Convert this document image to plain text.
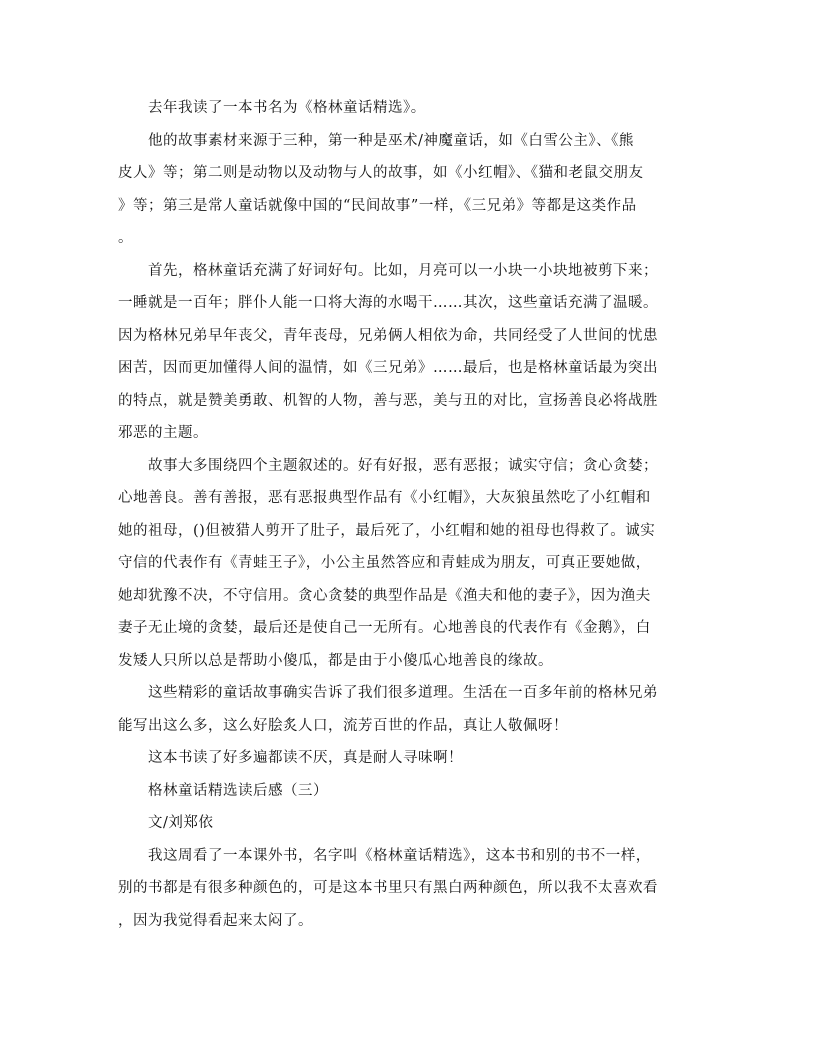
去年我读了一本书名为《格林童话精选》。
他的故事素材来源于三种，第一种是巫术/神魔童话，如《白雪公主》、《熊
皮人》等；第二则是动物以及动物与人的故事，如《小红帽》、《猫和老鼠交朋友
》等；第三是常人童话就像中国的“民间故事”一样，《三兄弟》等都是这类作品
。
首先，格林童话充满了好词好句。比如，月亮可以一小块一小块地被剪下来；
一睡就是一百年；胖仆人能一口将大海的水喝干……其次，这些童话充满了温暖。
因为格林兄弟早年丧父，青年丧母，兄弟俩人相依为命，共同经受了人世间的忧患
困苦，因而更加懂得人间的温情，如《三兄弟》……最后，也是格林童话最为突出
的特点，就是赞美勇敢、机智的人物，善与恶，美与丑的对比，宣扬善良必将战胜
邪恶的主题。
故事大多围绕四个主题叙述的。好有好报，恶有恶报；诚实守信；贪心贪婪；
心地善良。善有善报，恶有恶报典型作品有《小红帽》，大灰狼虽然吃了小红帽和
她的祖母，()但被猎人剪开了肚子，最后死了，小红帽和她的祖母也得救了。诚实
守信的代表作有《青蛙王子》，小公主虽然答应和青蛙成为朋友，可真正要她做，
她却犹豫不决，不守信用。贪心贪婪的典型作品是《渔夫和他的妻子》，因为渔夫
妻子无止境的贪婪，最后还是使自己一无所有。心地善良的代表作有《金鹅》，白
发矮人只所以总是帮助小傻瓜，都是由于小傻瓜心地善良的缘故。
这些精彩的童话故事确实告诉了我们很多道理。生活在一百多年前的格林兄弟
能写出这么多，这么好脍炙人口，流芳百世的作品，真让人敬佩呀！
这本书读了好多遍都读不厌，真是耐人寻味啊！
格林童话精选读后感（三）
文/刘郑依
我这周看了一本课外书，名字叫《格林童话精选》，这本书和别的书不一样，
别的书都是有很多种颜色的，可是这本书里只有黑白两种颜色，所以我不太喜欢看
，因为我觉得看起来太闷了。
